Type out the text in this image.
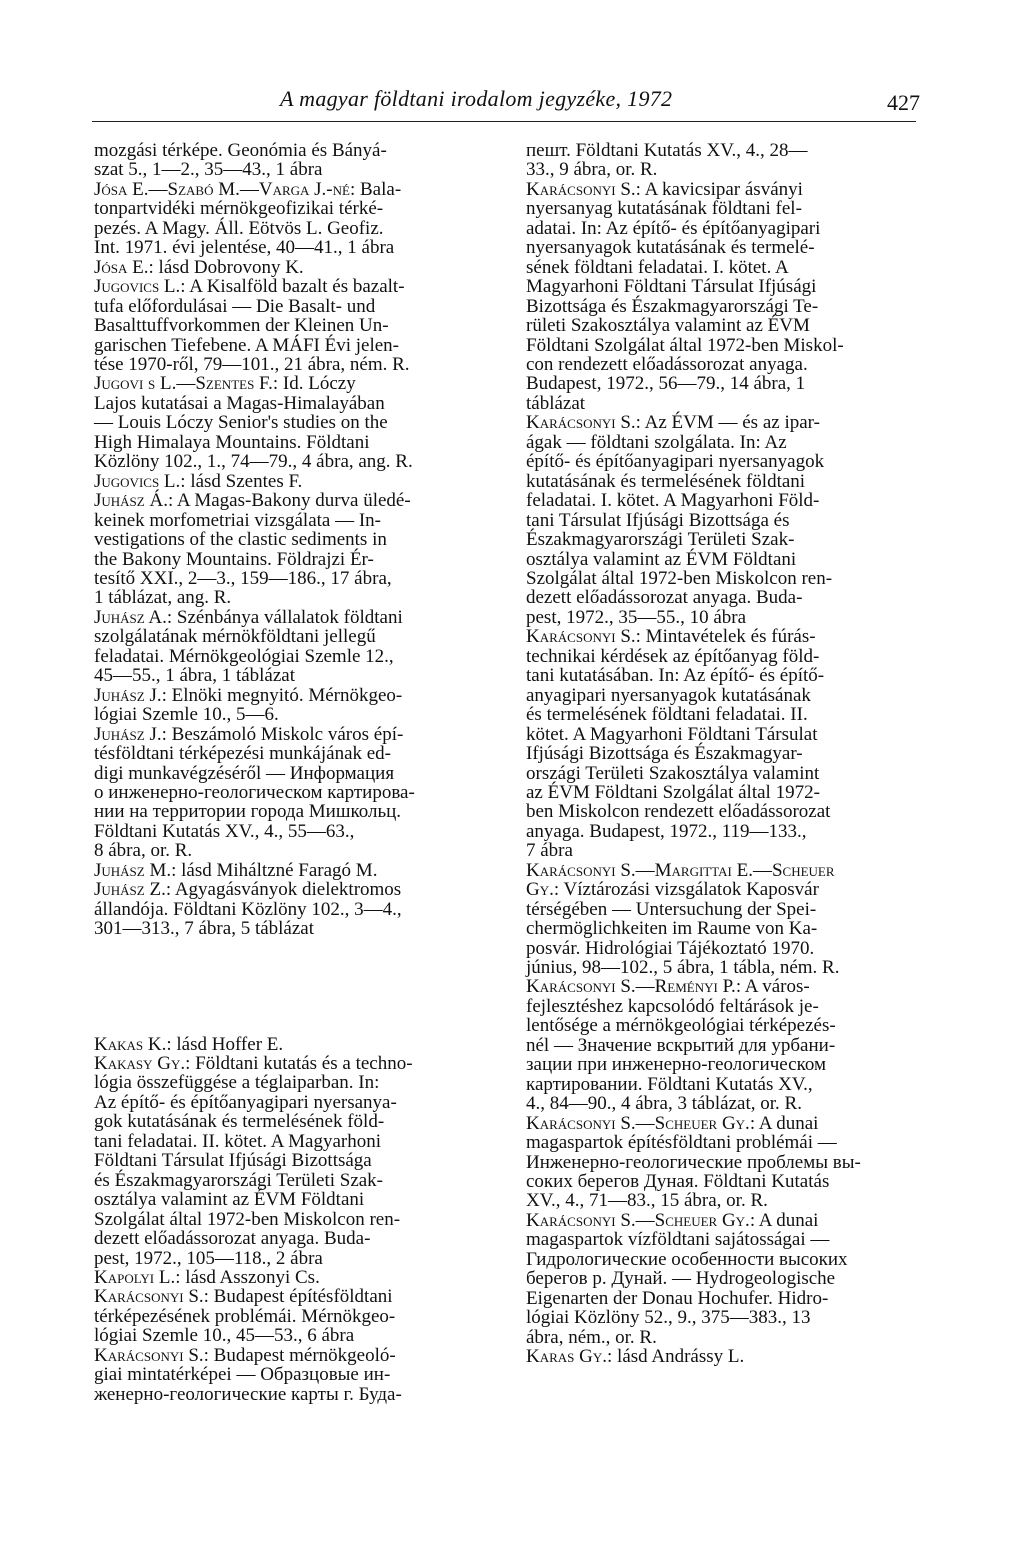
A magyar földtani irodalom jegyzéke, 1972	427
mozgási térképe. Geonómia és Bányá-
szat 5., 1—2., 35—43., 1 ábra
Jósa E.—Szabó M.—Varga J.-né: Bala-
tonpartvidéki mérnökgeofizikai térké-
pezés. A Magy. Áll. Eötvös L. Geofiz.
Int. 1971. évi jelentése, 40—41., 1 ábra
Jósa E.: lásd Dobrovony K.
Jugovics L.: A Kisalföld bazalt és bazalt-
tufa előfordulásai — Die Basalt- und
Basalttuffvorkommen der Kleinen Un-
garischen Tiefebene. A MÁFI Évi jelen-
tése 1970-ről, 79—101., 21 ábra, ném. R.
Jugovi s L.—Szentes F.: Id. Lóczy
Lajos kutatásai a Magas-Himalayában
— Louis Lóczy Senior's studies on the
High Himalaya Mountains. Földtani
Közlöny 102., 1., 74—79., 4 ábra, ang. R.
Jugovics L.: lásd Szentes F.
Juhász Á.: A Magas-Bakony durva üledé-
keinek morfometriai vizsgálata — In-
vestigations of the clastic sediments in
the Bakony Mountains. Földrajzi Ér-
tesítő XXI., 2—3., 159—186., 17 ábra,
1 táblázat, ang. R.
Juhász A.: Szénbánya vállalatok földtani
szolgálatának mérnökföldtani jellegű
feladatai. Mérnökgeológiai Szemle 12.,
45—55., 1 ábra, 1 táblázat
Juhász J.: Elnöki megnyitó. Mérnökgeo-
lógiai Szemle 10., 5—6.
Juhász J.: Beszámoló Miskolc város épí-
tésföldtani térképezési munkájának ed-
digi munkavégzéséről — Информация
о инженерно-геологическом картирова-
нии на территории города Мишкольц.
Földtani Kutatás XV., 4., 55—63.,
8 ábra, or. R.
Juhász M.: lásd Miháltzné Faragó M.
Juhász Z.: Agyagásványok dielektromos
állandója. Földtani Közlöny 102., 3—4.,
301—313., 7 ábra, 5 táblázat
Kakas K.: lásd Hoffer E.
Kakasy Gy.: Földtani kutatás és a techno-
lógia összefüggése a téglaiparban. In:
Az építő- és építőanyagipari nyersanya-
gok kutatásának és termelésének föld-
tani feladatai. II. kötet. A Magyarhoni
Földtani Társulat Ifjúsági Bizottsága
és Északmagyarországi Területi Szak-
osztálya valamint az ÉVM Földtani
Szolgálat által 1972-ben Miskolcon ren-
dezett előadássorozat anyaga. Buda-
pest, 1972., 105—118., 2 ábra
Kapolyi L.: lásd Asszonyi Cs.
Karácsonyi S.: Budapest építésföldtani
térképezésének problémái. Mérnökgeo-
lógiai Szemle 10., 45—53., 6 ábra
Karácsonyi S.: Budapest mérnökgeoló-
giai mintatérképei — Образцовые ин-
женерно-геологические карты г. Буда-
пешт. Földtani Kutatás XV., 4., 28—
33., 9 ábra, or. R.
Karácsonyi S.: A kavicsipar ásványi
nyersanyag kutatásának földtani fel-
adatai. In: Az építő- és építőanyagipari
nyersanyagok kutatásának és termelé-
sének földtani feladatai. I. kötet. A
Magyarhoni Földtani Társulat Ifjúsági
Bizottsága és Északmagyarországi Te-
rületi Szakosztálya valamint az ÉVM
Földtani Szolgálat által 1972-ben Miskol-
con rendezett előadássorozat anyaga.
Budapest, 1972., 56—79., 14 ábra, 1
táblázat
Karácsonyi S.: Az ÉVM — és az ipar-
ágak — földtani szolgálata. In: Az
építő- és építőanyagipari nyersanyagok
kutatásának és termelésének földtani
feladatai. I. kötet. A Magyarhoni Föld-
tani Társulat Ifjúsági Bizottsága és
Északmagyarországi Területi Szak-
osztálya valamint az ÉVM Földtani
Szolgálat által 1972-ben Miskolcon ren-
dezett előadássorozat anyaga. Buda-
pest, 1972., 35—55., 10 ábra
Karácsonyi S.: Mintavételek és fúrás-
technikai kérdések az építőanyag föld-
tani kutatásában. In: Az építő- és építő-
anyagipari nyersanyagok kutatásának
és termelésének földtani feladatai. II.
kötet. A Magyarhoni Földtani Társulat
Ifjúsági Bizottsága és Északmagyar-
országi Területi Szakosztálya valamint
az ÉVM Földtani Szolgálat által 1972-
ben Miskolcon rendezett előadássorozat
anyaga. Budapest, 1972., 119—133.,
7 ábra
Karácsonyi S.—Margittai E.—Scheuer
Gy.: Víztározási vizsgálatok Kaposvár
térségében — Untersuchung der Spei-
chermöglichkeiten im Raume von Ka-
posvár. Hidrológiai Tájékoztató 1970.
június, 98—102., 5 ábra, 1 tábla, ném. R.
Karácsonyi S.—Reményi P.: A város-
fejlesztéshez kapcsolódó feltárások je-
lentősége a mérnökgeológiai térképezés-
nél — Значение вскрытий для урбани-
зации при инженерно-геологическом
картировании. Földtani Kutatás XV.,
4., 84—90., 4 ábra, 3 táblázat, or. R.
Karácsonyi S.—Scheuer Gy.: A dunai
magaspartok építésföldtani problémái —
Инженерно-геологические проблемы вы-
соких берегов Дуная. Földtani Kutatás
XV., 4., 71—83., 15 ábra, or. R.
Karácsonyi S.—Scheuer Gy.: A dunai
magaspartok vízföldtani sajátosságai —
Гидрологические особенности высоких
берегов р. Дунай. — Hydrogeologische
Eigenarten der Donau Hochufer. Hidro-
lógiai Közlöny 52., 9., 375—383., 13
ábra, ném., or. R.
Karas Gy.: lásd Andrássy L.
